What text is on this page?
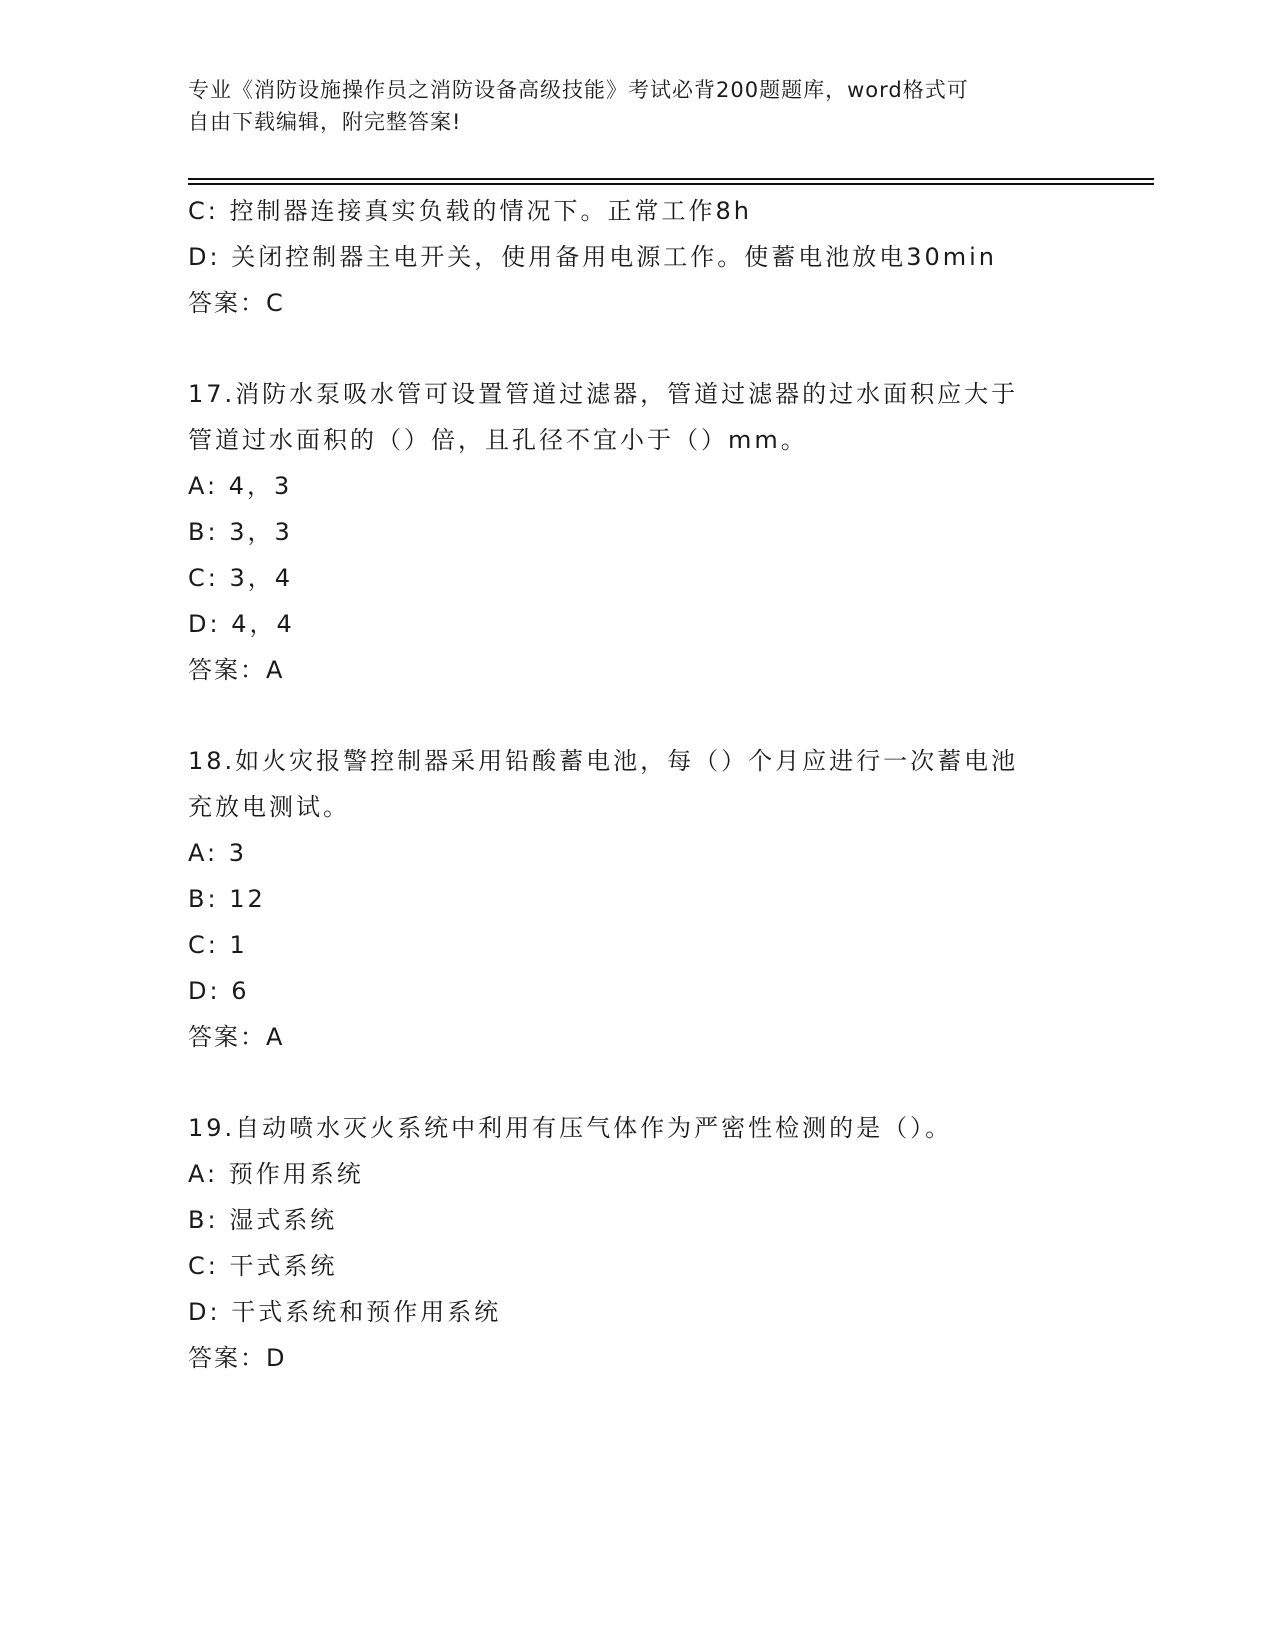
专业《消防设施操作员之消防设备高级技能》考试必背200题题库，word格式可
自由下载编辑，附完整答案!
C: 控制器连接真实负载的情况下。正常工作8h
D: 关闭控制器主电开关，使用备用电源工作。使蓄电池放电30min
答案：C
17.消防水泵吸水管可设置管道过滤器，管道过滤器的过水面积应大于
管道过水面积的（）倍，且孔径不宜小于（）mm。
A: 4，3
B: 3，3
C: 3，4
D: 4，4
答案：A
18.如火灾报警控制器采用铅酸蓄电池，每（）个月应进行一次蓄电池
充放电测试。
A: 3
B: 12
C: 1
D: 6
答案：A
19.自动喷水灭火系统中利用有压气体作为严密性检测的是（）。
A: 预作用系统
B: 湿式系统
C: 干式系统
D: 干式系统和预作用系统
答案：D
